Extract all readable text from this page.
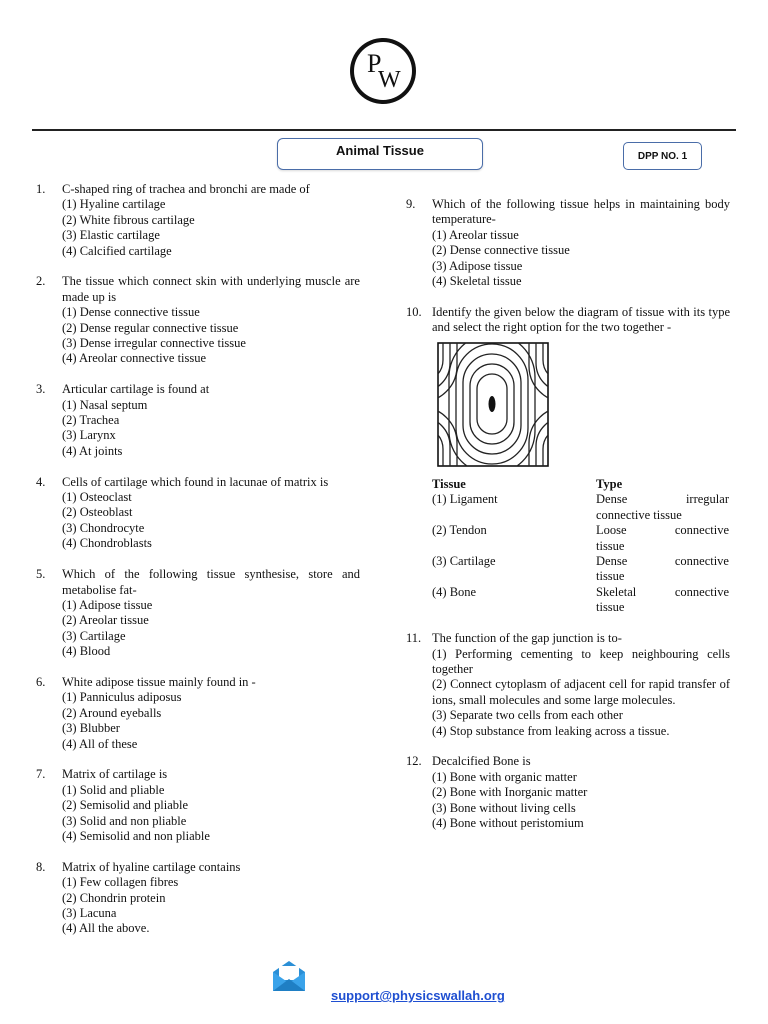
P
W
Animal Tissue	DPP NO. 1
1.	C-shaped ring of trachea and bronchi are made of
(1) Hyaline cartilage
(2) White fibrous cartilage
(3) Elastic cartilage
(4) Calcified cartilage
2.	The tissue which connect skin with underlying muscle are made up is
(1) Dense connective tissue
(2) Dense regular connective tissue
(3) Dense irregular connective tissue
(4) Areolar connective tissue
3.	Articular cartilage is found at
(1) Nasal septum
(2) Trachea
(3) Larynx
(4) At joints
4.	Cells of cartilage which found in lacunae of matrix is
(1) Osteoclast
(2) Osteoblast
(3) Chondrocyte
(4) Chondroblasts
5.	Which of the following tissue synthesise, store and metabolise fat-
(1) Adipose tissue
(2) Areolar tissue
(3) Cartilage
(4) Blood
6.	White adipose tissue mainly found in -
(1) Panniculus adiposus
(2) Around eyeballs
(3) Blubber
(4) All of these
7.	Matrix of cartilage is
(1) Solid and pliable
(2) Semisolid and pliable
(3) Solid and non pliable
(4) Semisolid and non pliable
8.	Matrix of hyaline cartilage contains
(1) Few collagen fibres
(2) Chondrin protein
(3) Lacuna
(4) All the above.
9.	Which of the following tissue helps in maintaining body temperature-
(1) Areolar tissue
(2) Dense connective tissue
(3) Adipose tissue
(4) Skeletal tissue
10. Identify the given below the diagram of tissue with its type and select the right option for the two together -
Tissue	Type
(1) Ligament	Dense irregular
connective tissue

(2) Tendon	Loose connective
tissue

(3) Cartilage	Dense connective
tissue

(4) Bone	Skeletal connective
tissue
11. The function of the gap junction is to-
(1) Performing cementing to keep neighbouring cells together
(2) Connect cytoplasm of adjacent cell for rapid transfer of ions, small molecules and some large molecules.
(3) Separate two cells from each other
(4) Stop substance from leaking across a tissue.
12. Decalcified Bone is
(1) Bone with organic matter
(2) Bone with Inorganic matter
(3) Bone without living cells
(4) Bone without peristomium
support@physicswallah.org
